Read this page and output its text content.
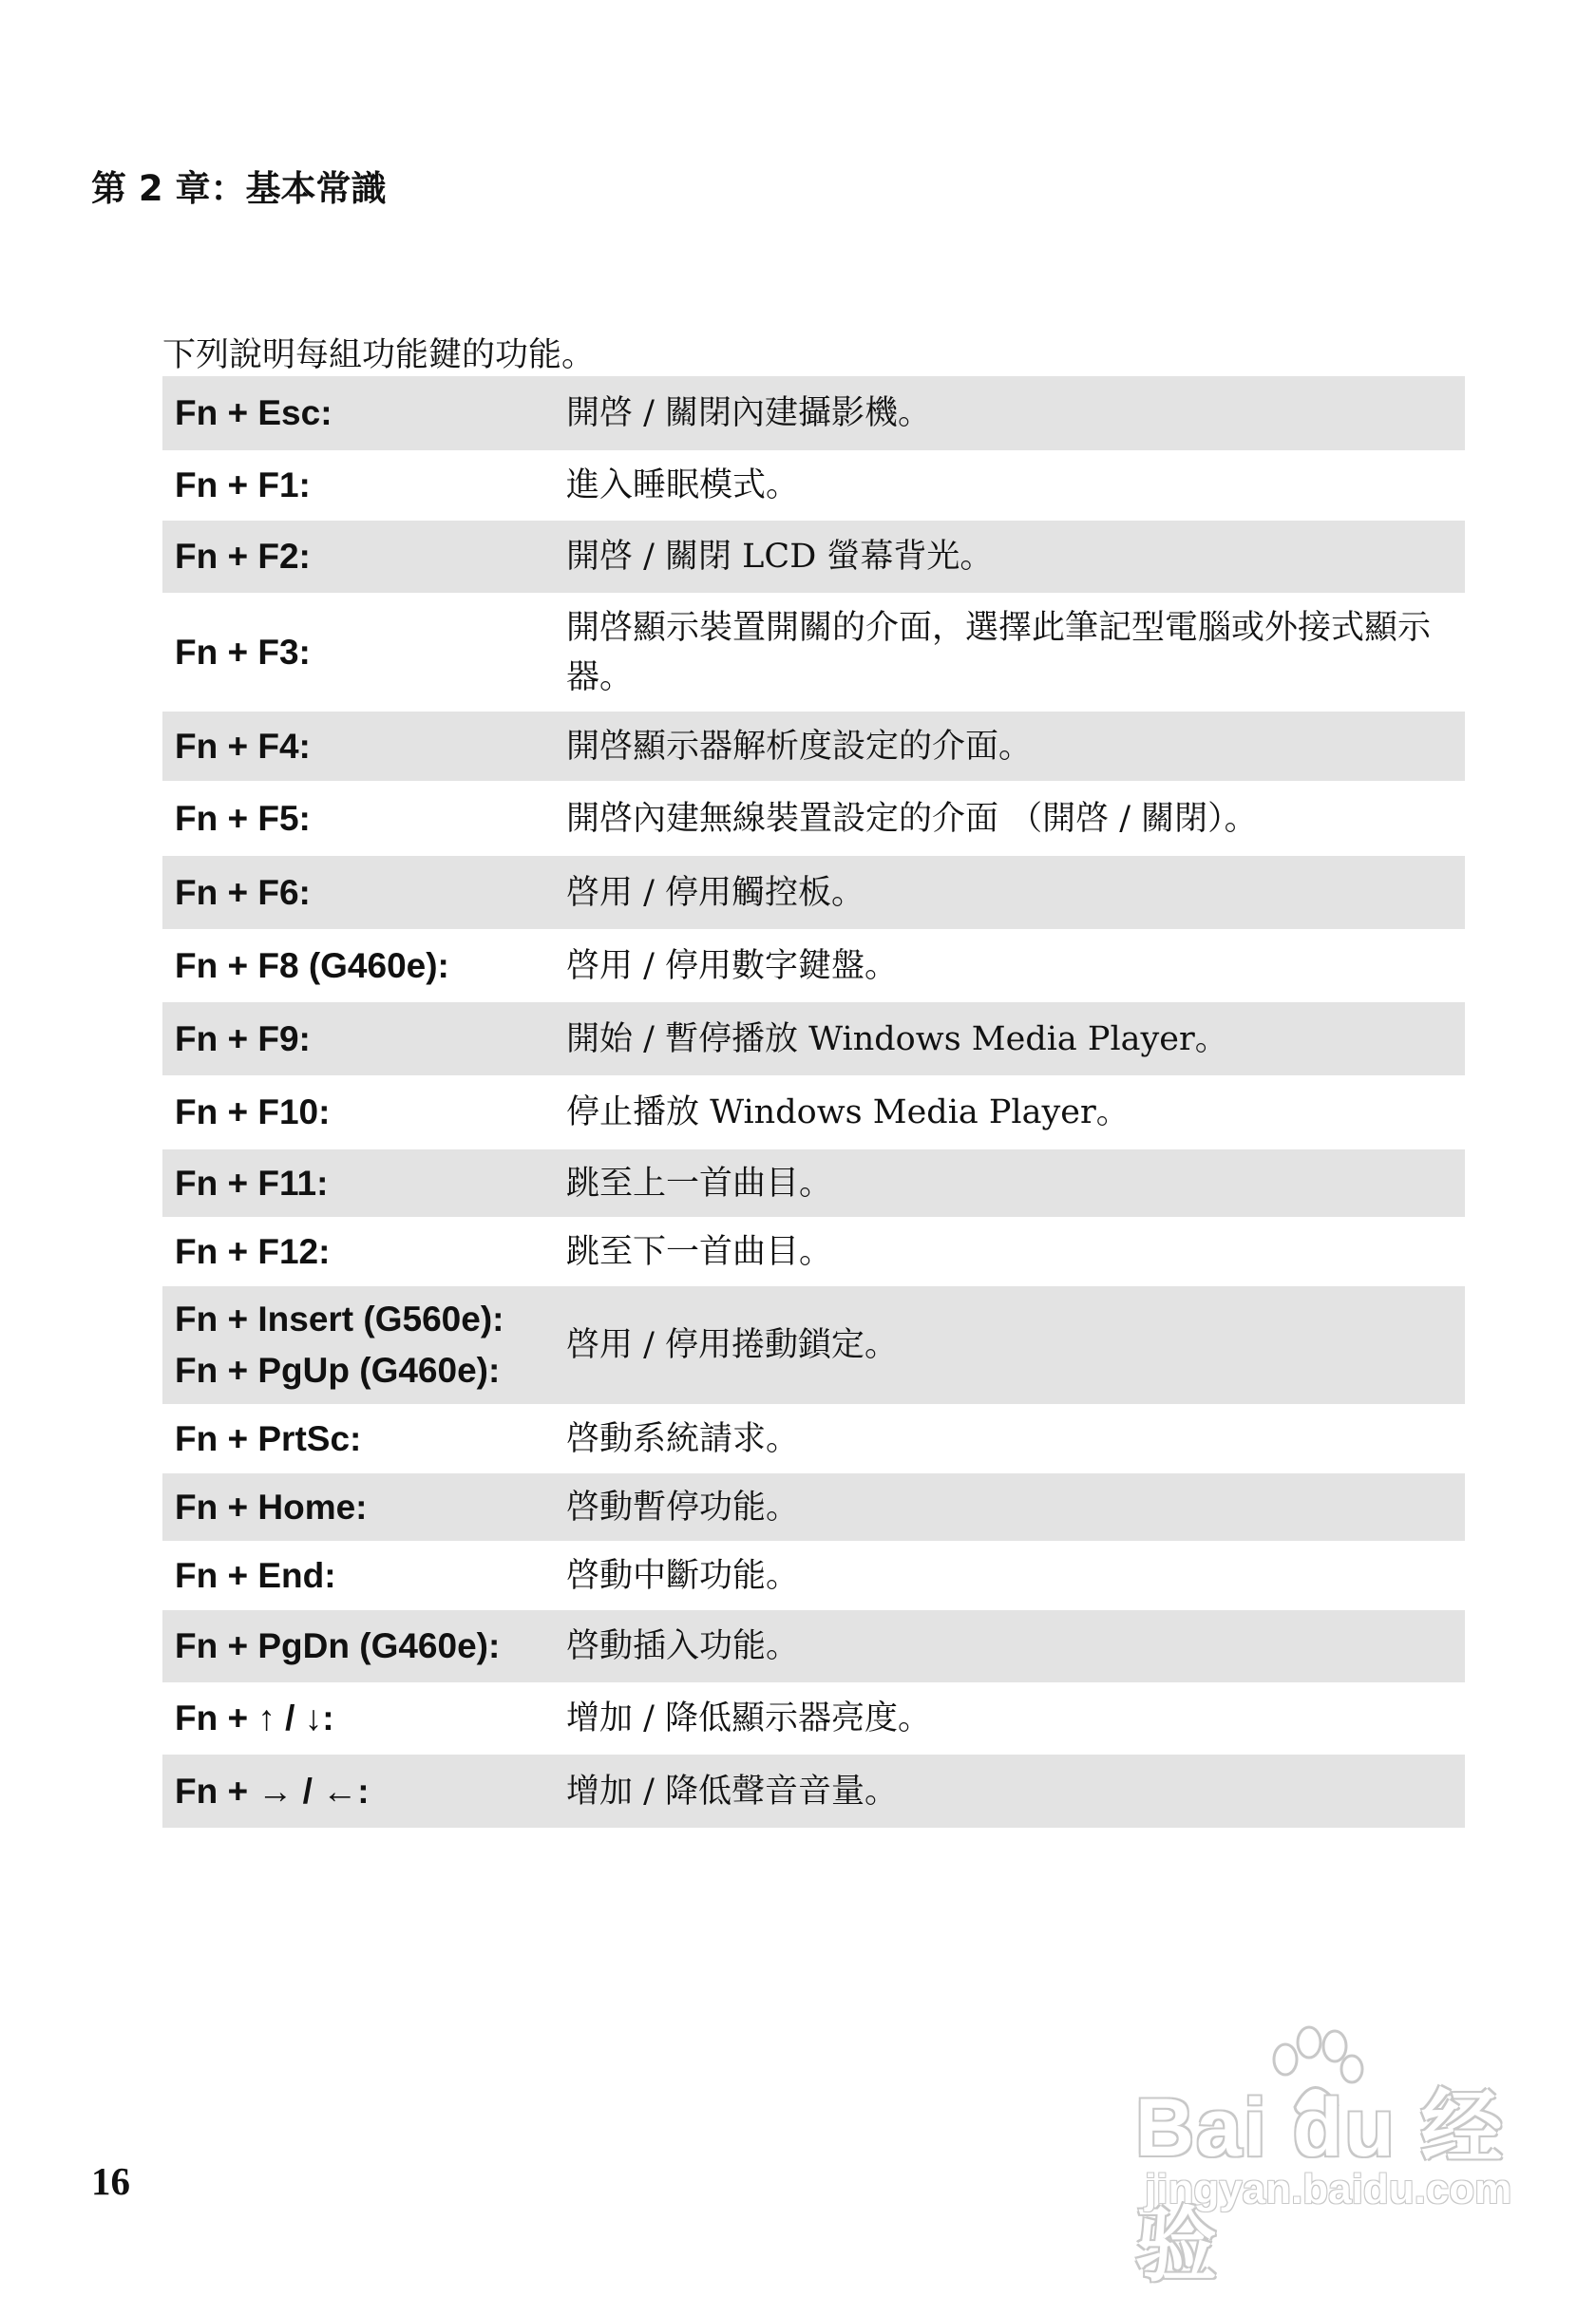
第 2 章：基本常識
下列說明每組功能鍵的功能。
Fn + Esc:	開啓 / 關閉內建攝影機。
Fn + F1:	進入睡眠模式。
Fn + F2:	開啓 / 關閉 LCD 螢幕背光。
Fn + F3:
開啓顯示裝置開關的介面，選擇此筆記型電腦或外接式顯示器。
Fn + F4:	開啓顯示器解析度設定的介面。
Fn + F5:	開啓內建無線裝置設定的介面 （開啓 / 關閉）。
Fn + F6:	啓用 / 停用觸控板。
Fn + F8 (G460e):	啓用 / 停用數字鍵盤。
Fn + F9:	開始 / 暫停播放 Windows Media Player。
Fn + F10:	停止播放 Windows Media Player。
Fn + F11:	跳至上一首曲目。
Fn + F12:	跳至下一首曲目。
Fn + Insert (G560e):
Fn + PgUp (G460e):
啓用 / 停用捲動鎖定。
Fn + PrtSc:	啓動系統請求。
Fn + Home:	啓動暫停功能。
Fn + End:	啓動中斷功能。
Fn + PgDn (G460e):	啓動插入功能。
Fn + ↑ / ↓:	增加 / 降低顯示器亮度。
Fn + → / ←:	增加 / 降低聲音音量。
16
Bai du 经验
jingyan.baidu.com
